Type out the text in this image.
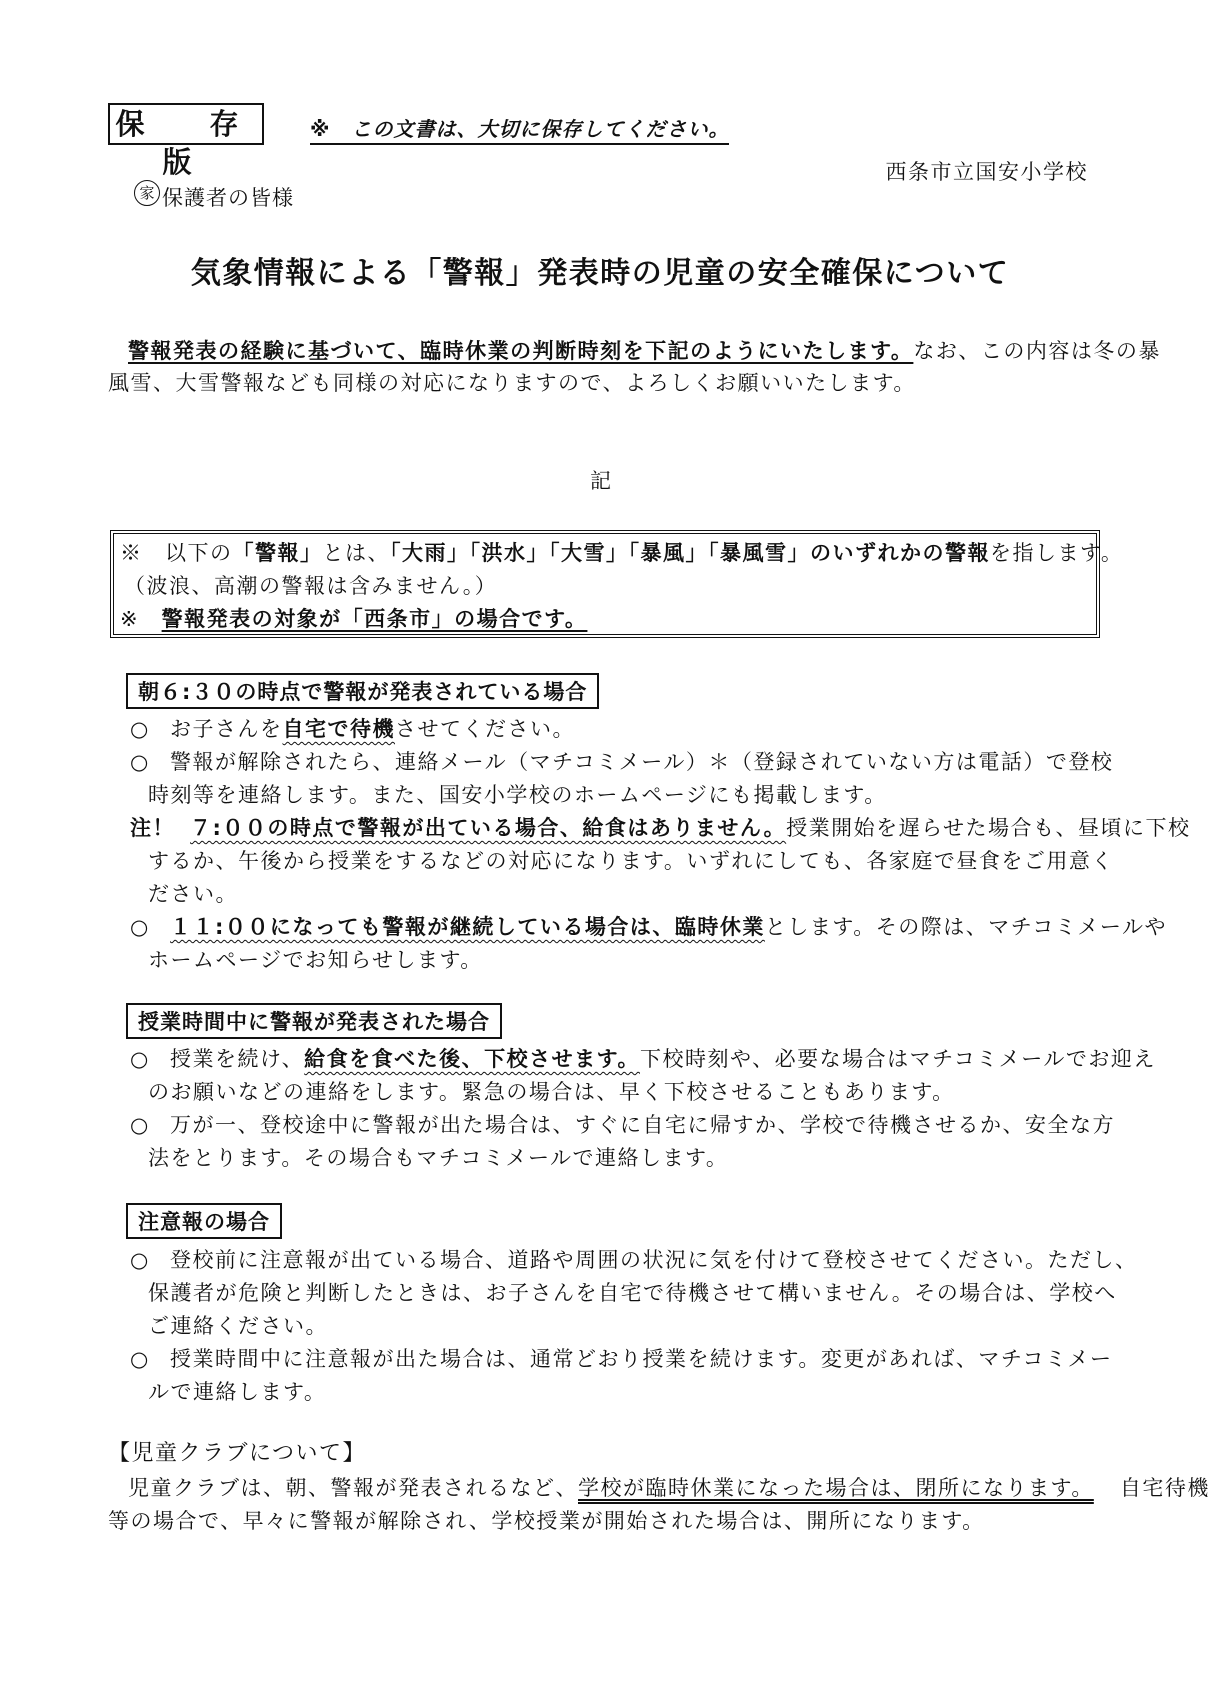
保　存　版
※　この文書は、大切に保存してください。
西条市立国安小学校
家 保護者の皆様
気象情報による「警報」発表時の児童の安全確保について
警報発表の経験に基づいて、臨時休業の判断時刻を下記のようにいたします。なお、この内容は冬の暴
風雪、大雪警報なども同様の対応になりますので、よろしくお願いいたします。
記
※　以下の「警報」とは、「大雨」「洪水」「大雪」「暴風」「暴風雪」のいずれかの警報を指します。
（波浪、高潮の警報は含みません。）
※　警報発表の対象が「西条市」の場合です。
朝６:３０の時点で警報が発表されている場合
○ お子さんを自宅で待機させてください。
○ 警報が解除されたら、連絡メール（マチコミメール）＊（登録されていない方は電話）で登校
時刻等を連絡します。また、国安小学校のホームページにも掲載します。
注！ ７:００の時点で警報が出ている場合、給食はありません。授業開始を遅らせた場合も、昼頃に下校
するか、午後から授業をするなどの対応になります。いずれにしても、各家庭で昼食をご用意く
ださい。
○ １１:００になっても警報が継続している場合は、臨時休業とします。その際は、マチコミメールや
ホームページでお知らせします。
授業時間中に警報が発表された場合
○ 授業を続け、給食を食べた後、下校させます。下校時刻や、必要な場合はマチコミメールでお迎え
のお願いなどの連絡をします。緊急の場合は、早く下校させることもあります。
○ 万が一、登校途中に警報が出た場合は、すぐに自宅に帰すか、学校で待機させるか、安全な方
法をとります。その場合もマチコミメールで連絡します。
注意報の場合
○ 登校前に注意報が出ている場合、道路や周囲の状況に気を付けて登校させてください。ただし、
保護者が危険と判断したときは、お子さんを自宅で待機させて構いません。その場合は、学校へ
ご連絡ください。
○ 授業時間中に注意報が出た場合は、通常どおり授業を続けます。変更があれば、マチコミメー
ルで連絡します。
【児童クラブについて】
児童クラブは、朝、警報が発表されるなど、学校が臨時休業になった場合は、閉所になります。 自宅待機
等の場合で、早々に警報が解除され、学校授業が開始された場合は、開所になります。
